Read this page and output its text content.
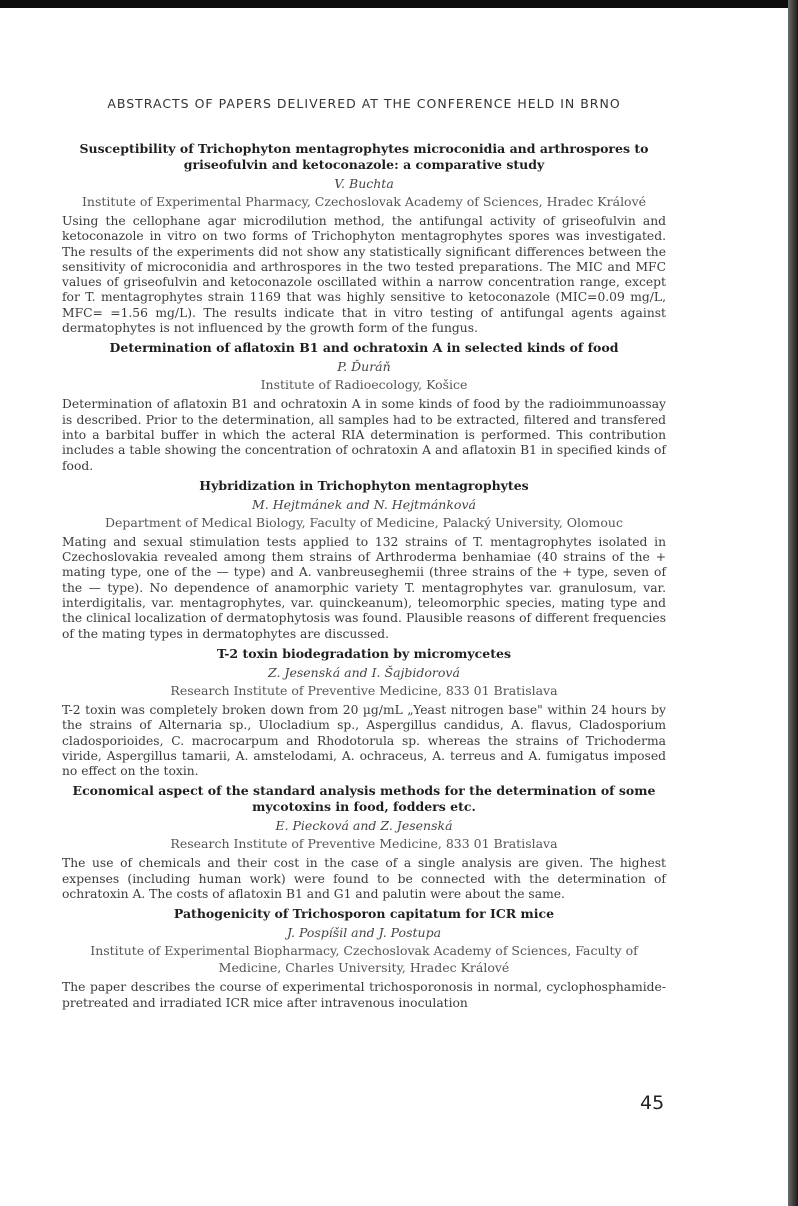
ABSTRACTS OF PAPERS DELIVERED AT THE CONFERENCE HELD IN BRNO
Susceptibility of Trichophyton mentagrophytes microconidia and arthrospores to griseofulvin and ketoconazole: a comparative study
V. Buchta
Institute of Experimental Pharmacy, Czechoslovak Academy of Sciences, Hradec Králové
Using the cellophane agar microdilution method, the antifungal activity of griseofulvin and ketoconazole in vitro on two forms of Trichophyton mentagrophytes spores was investigated. The results of the experiments did not show any statistically significant differences between the sensitivity of microconidia and arthrospores in the two tested preparations. The MIC and MFC values of griseofulvin and ketoconazole oscillated within a narrow concentration range, except for T. mentagrophytes strain 1169 that was highly sensitive to ketoconazole (MIC=0.09 mg/L, MFC= =1.56 mg/L). The results indicate that in vitro testing of antifungal agents against dermatophytes is not influenced by the growth form of the fungus.
Determination of aflatoxin B1 and ochratoxin A in selected kinds of food
P. Ďuráň
Institute of Radioecology, Košice
Determination of aflatoxin B1 and ochratoxin A in some kinds of food by the radioimmunoassay is described. Prior to the determination, all samples had to be extracted, filtered and transfered into a barbital buffer in which the acteral RIA determination is performed. This contribution includes a table showing the concentration of ochratoxin A and aflatoxin B1 in specified kinds of food.
Hybridization in Trichophyton mentagrophytes
M. Hejtmánek and N. Hejtmánková
Department of Medical Biology, Faculty of Medicine, Palacký University, Olomouc
Mating and sexual stimulation tests applied to 132 strains of T. mentagrophytes isolated in Czechoslovakia revealed among them strains of Arthroderma benhamiae (40 strains of the + mating type, one of the — type) and A. vanbreuseghemii (three strains of the + type, seven of the — type). No dependence of anamorphic variety T. mentagrophytes var. granulosum, var. interdigitalis, var. mentagrophytes, var. quinckeanum), teleomorphic species, mating type and the clinical localization of dermatophytosis was found. Plausible reasons of different frequencies of the mating types in dermatophytes are discussed.
T-2 toxin biodegradation by micromycetes
Z. Jesenská and I. Šajbidorová
Research Institute of Preventive Medicine, 833 01 Bratislava
T-2 toxin was completely broken down from 20 µg/mL „Yeast nitrogen base" within 24 hours by the strains of Alternaria sp., Ulocladium sp., Aspergillus candidus, A. flavus, Cladosporium cladosporioides, C. macrocarpum and Rhodotorula sp. whereas the strains of Trichoderma viride, Aspergillus tamarii, A. amstelodami, A. ochraceus, A. terreus and A. fumigatus imposed no effect on the toxin.
Economical aspect of the standard analysis methods for the determination of some mycotoxins in food, fodders etc.
E. Piecková and Z. Jesenská
Research Institute of Preventive Medicine, 833 01 Bratislava
The use of chemicals and their cost in the case of a single analysis are given. The highest expenses (including human work) were found to be connected with the determination of ochratoxin A. The costs of aflatoxin B1 and G1 and palutin were about the same.
Pathogenicity of Trichosporon capitatum for ICR mice
J. Pospíšil and J. Postupa
Institute of Experimental Biopharmacy, Czechoslovak Academy of Sciences, Faculty of Medicine, Charles University, Hradec Králové
The paper describes the course of experimental trichosporonosis in normal, cyclophosphamide-pretreated and irradiated ICR mice after intravenous inoculation
45
